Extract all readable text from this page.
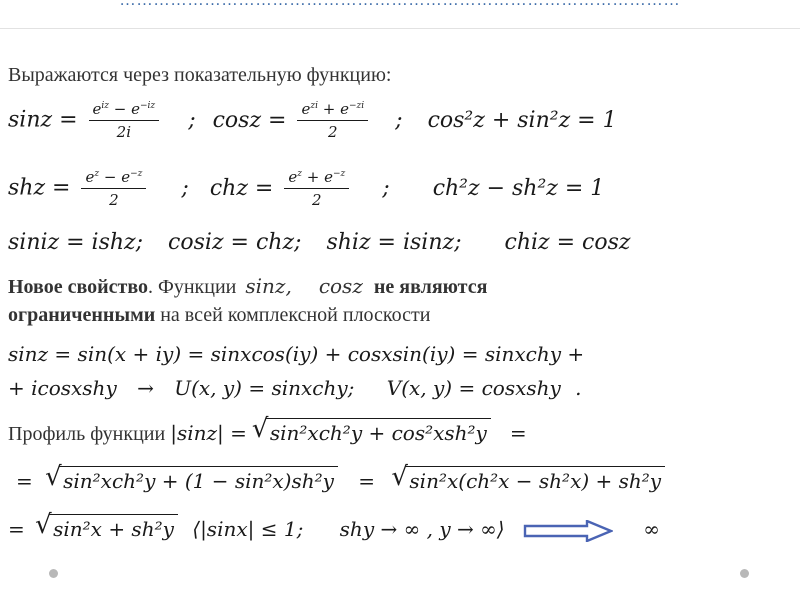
………………………………………………………………………………………
Выражаются через показательную функцию:
$\sin z = \frac{e^{iz} - e^{-iz}}{2i}$ ; $\cos z = \frac{e^{zi} + e^{-zi}}{2}$ ; cos²z + sin²z = 1
shz = $\frac{e^z - e^{-z}}{2}$ ; chz = $\frac{e^z + e^{-z}}{2}$ ; ch²z − sh²z = 1
siniz = ishz; cosiz = chz; shiz = isinz; chiz = cosz
Новое свойство. Функции sinz, cosz не являются
ограниченными на всей комплексной плоскости
sinz = sin(x + iy) = sinxcos(iy) + cosxsin(iy) = sinxchy +
+ icosxshy → U(x, y) = sinxchy; V(x, y) = cosxshy .
Профиль функции |sinz| = √ sin²xch²y + cos²xsh²y =
= √ sin²xch²y + (1 − sin²x)sh²y = √ sin²x(ch²x − sh²x) + sh²y
= √ sin²x + sh²y ⟨|sinx| ≤ 1; shy → ∞ , y → ∞⟩	∞
